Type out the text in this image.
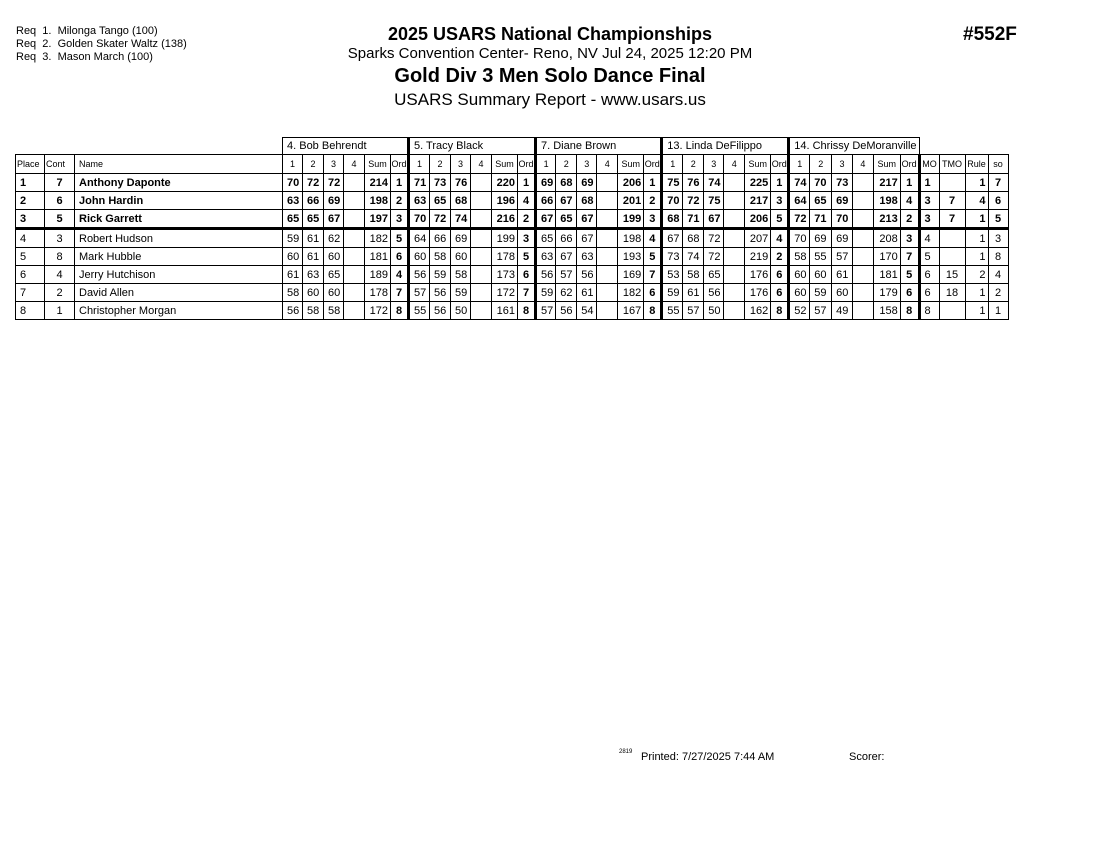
Req  1.  Milonga Tango (100)
Req  2.  Golden Skater Waltz (138)
Req  3.  Mason March (100)
2025 USARS National Championships
Sparks Convention Center- Reno, NV Jul 24, 2025 12:20 PM
Gold Div 3 Men Solo Dance Final
USARS Summary Report - www.usars.us
#552F
			4. Bob Behrendt						5. Tracy Black						7. Diane Brown						13. Linda DeFilippo						14. Chrissy DeMoranville									
Place	Cont	Name	1	2	3	4	Sum	Ord	1	2	3	4	Sum	Ord	1	2	3	4	Sum	Ord	1	2	3	4	Sum	Ord	1	2	3	4	Sum	Ord	MO	TMO	Rule	so
1	7	Anthony Daponte	70	72	72		214	1	71	73	76		220	1	69	68	69		206	1	75	76	74		225	1	74	70	73		217	1	1		1	7
2	6	John Hardin	63	66	69		198	2	63	65	68		196	4	66	67	68		201	2	70	72	75		217	3	64	65	69		198	4	3	7	4	6
3	5	Rick Garrett	65	65	67		197	3	70	72	74		216	2	67	65	67		199	3	68	71	67		206	5	72	71	70		213	2	3	7	1	5
4	3	Robert Hudson	59	61	62		182	5	64	66	69		199	3	65	66	67		198	4	67	68	72		207	4	70	69	69		208	3	4		1	3
5	8	Mark Hubble	60	61	60		181	6	60	58	60		178	5	63	67	63		193	5	73	74	72		219	2	58	55	57		170	7	5		1	8
6	4	Jerry Hutchison	61	63	65		189	4	56	59	58		173	6	56	57	56		169	7	53	58	65		176	6	60	60	61		181	5	6	15	2	4
7	2	David Allen	58	60	60		178	7	57	56	59		172	7	59	62	61		182	6	59	61	56		176	6	60	59	60		179	6	6	18	1	2
8	1	Christopher Morgan	56	58	58		172	8	55	56	50		161	8	57	56	54		167	8	55	57	50		162	8	52	57	49		158	8	8		1	1
2819 Printed: 7/27/2025 7:44 AM	Scorer:
